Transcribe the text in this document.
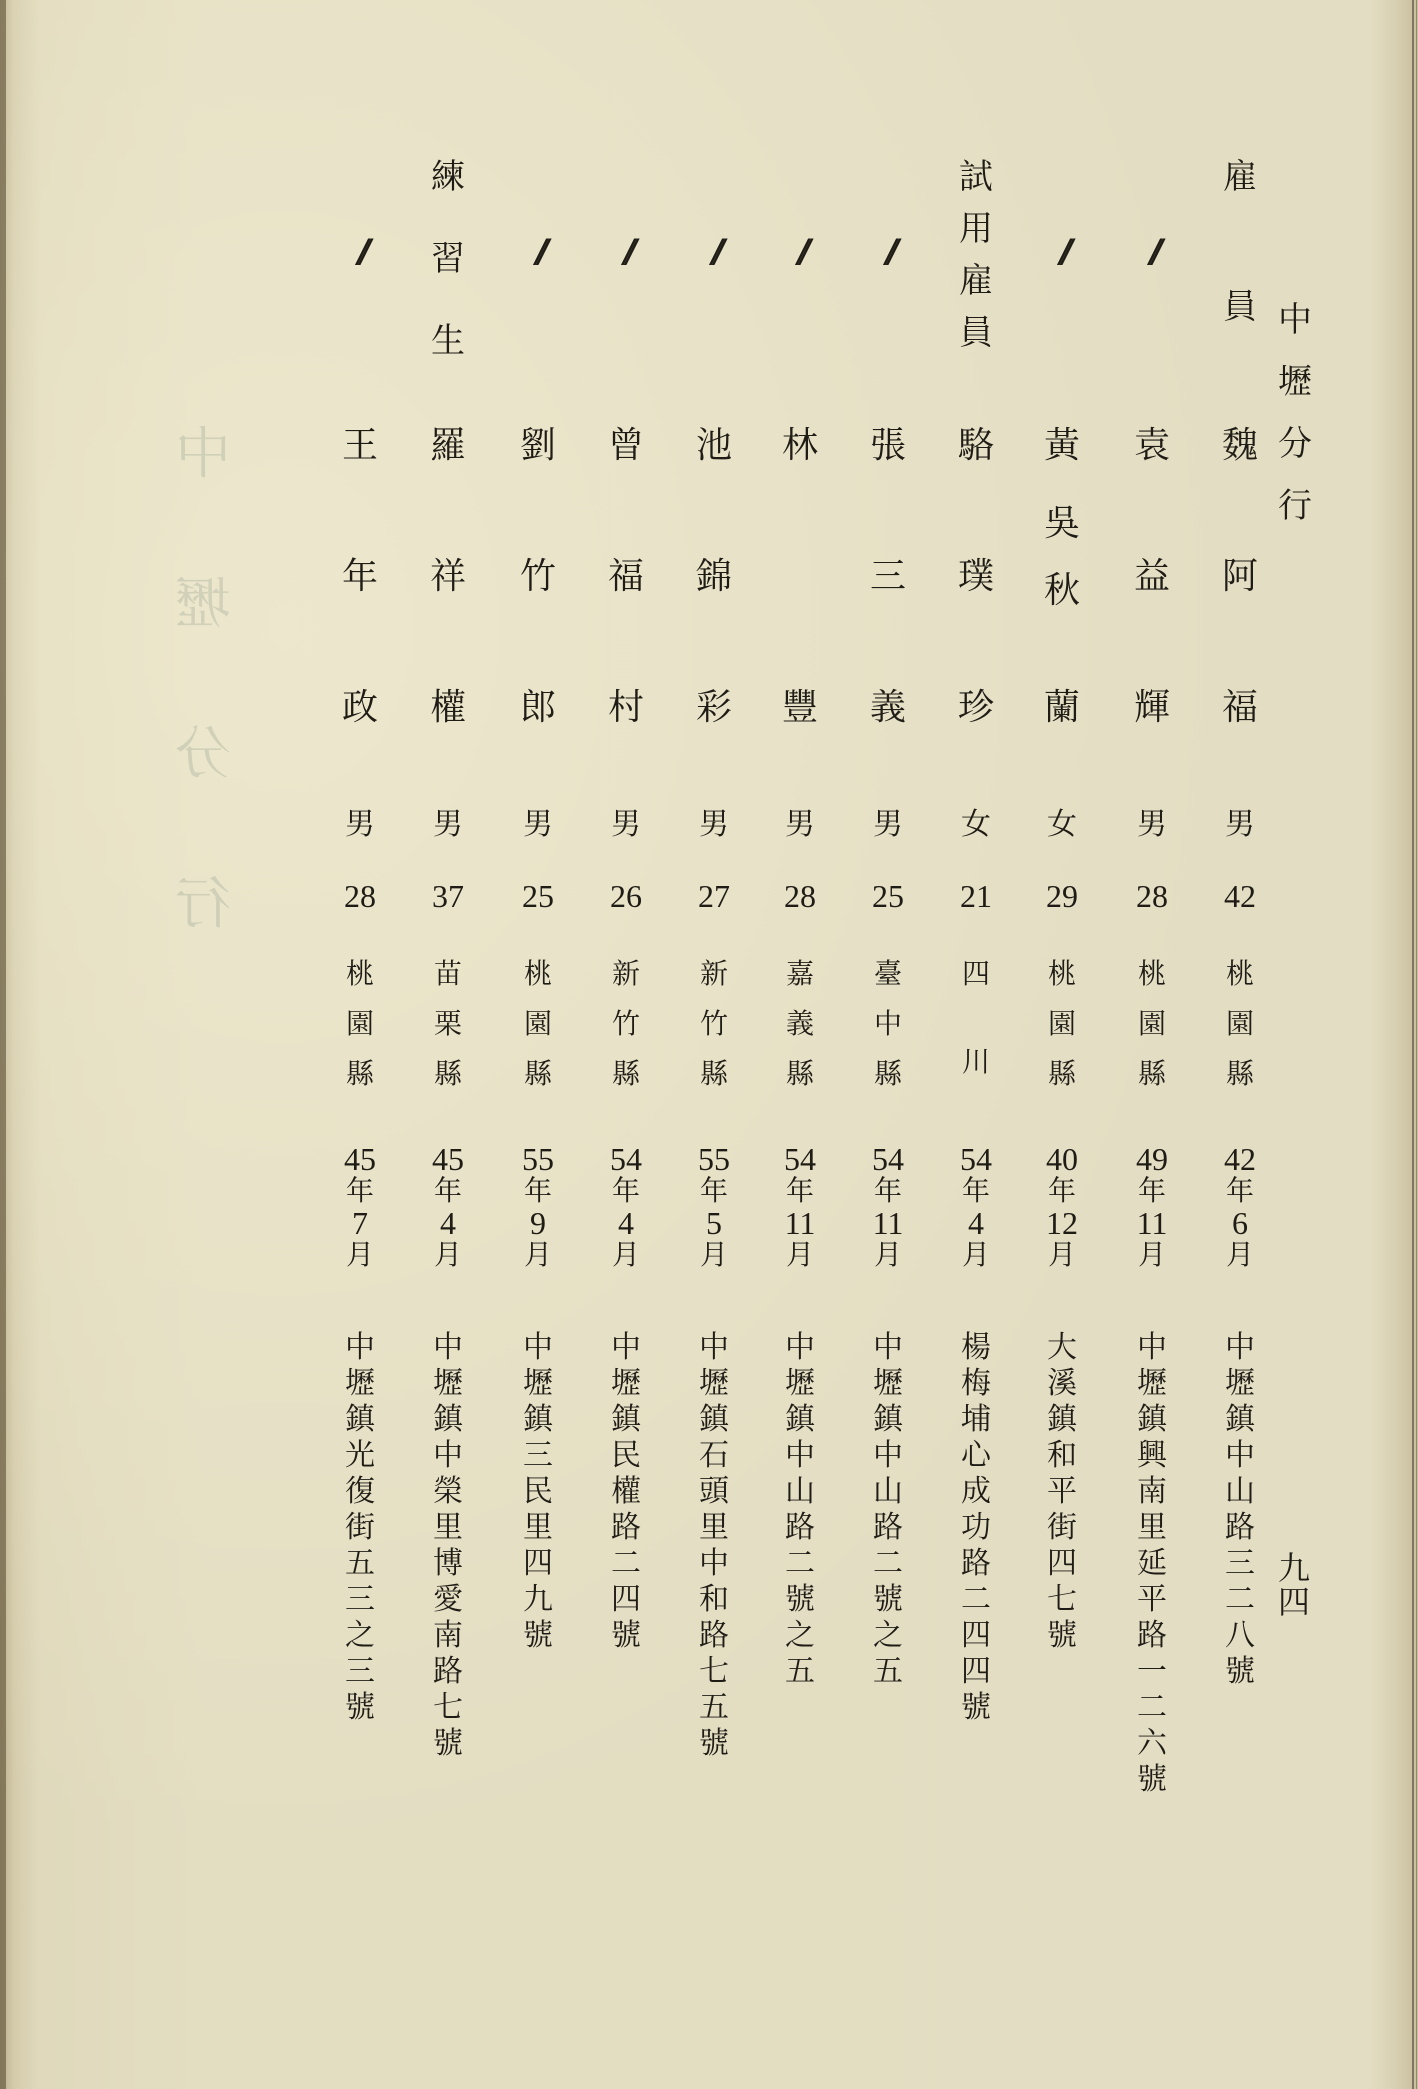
中
壢
分
行
中
壢
分
行
九
四
雇
員
魏
阿
福
男
42
桃
園
縣
42
年
6
月
中
壢
鎮
中
山
路
三
二
八
號
//
袁
益
輝
男
28
桃
園
縣
49
年
11
月
中
壢
鎮
興
南
里
延
平
路
一
二
六
號
//
黃
吳
秋
蘭
女
29
桃
園
縣
40
年
12
月
大
溪
鎮
和
平
街
四
七
號
試
用
雇
員
駱
璞
珍
女
21
四
川
54
年
4
月
楊
梅
埔
心
成
功
路
二
四
四
號
//
張
三
義
男
25
臺
中
縣
54
年
11
月
中
壢
鎮
中
山
路
二
號
之
五
//
林
豐
男
28
嘉
義
縣
54
年
11
月
中
壢
鎮
中
山
路
二
號
之
五
//
池
錦
彩
男
27
新
竹
縣
55
年
5
月
中
壢
鎮
石
頭
里
中
和
路
七
五
號
//
曾
福
村
男
26
新
竹
縣
54
年
4
月
中
壢
鎮
民
權
路
二
四
號
//
劉
竹
郎
男
25
桃
園
縣
55
年
9
月
中
壢
鎮
三
民
里
四
九
號
練
習
生
羅
祥
權
男
37
苗
栗
縣
45
年
4
月
中
壢
鎮
中
榮
里
博
愛
南
路
七
號
//
王
年
政
男
28
桃
園
縣
45
年
7
月
中
壢
鎮
光
復
街
五
三
之
三
號
